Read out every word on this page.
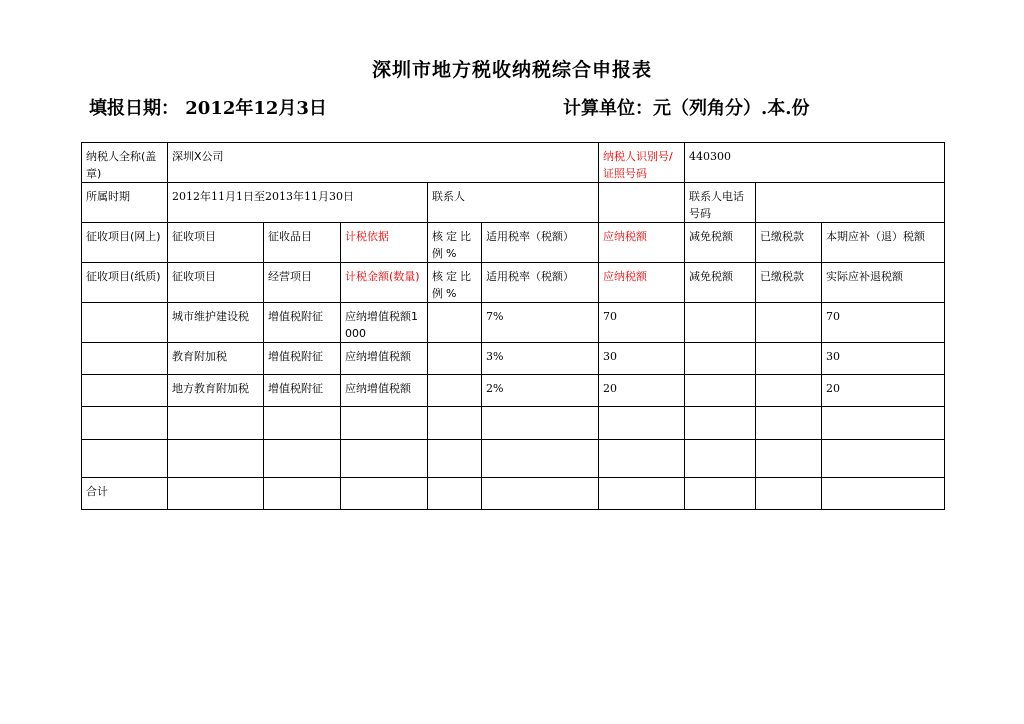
深圳市地方税收纳税综合申报表
填报日期： 2012年12月3日	计算单位：元（列角分）.本.份
纳税人全称(盖章)	深圳X公司					纳税人识别号/证照号码	440300		
所属时期	2012年11月1日至2013年11月30日			联系人			联系人电话号码		
征收项目(网上)	征收项目	征收品目	计税依据	核定比例%	适用税率（税额）	应纳税额	减免税额	已缴税款	本期应补（退）税额
征收项目(纸质)	征收项目	经营项目	计税金额(数量)	核定比例%	适用税率（税额）	应纳税额	减免税额	已缴税款	实际应补退税额
	城市维护建设税	增值税附征	应纳增值税额1000		7%	70			70
	教育附加税	增值税附征	应纳增值税额		3%	30			30
	地方教育附加税	增值税附征	应纳增值税额		2%	20			20

合计									
